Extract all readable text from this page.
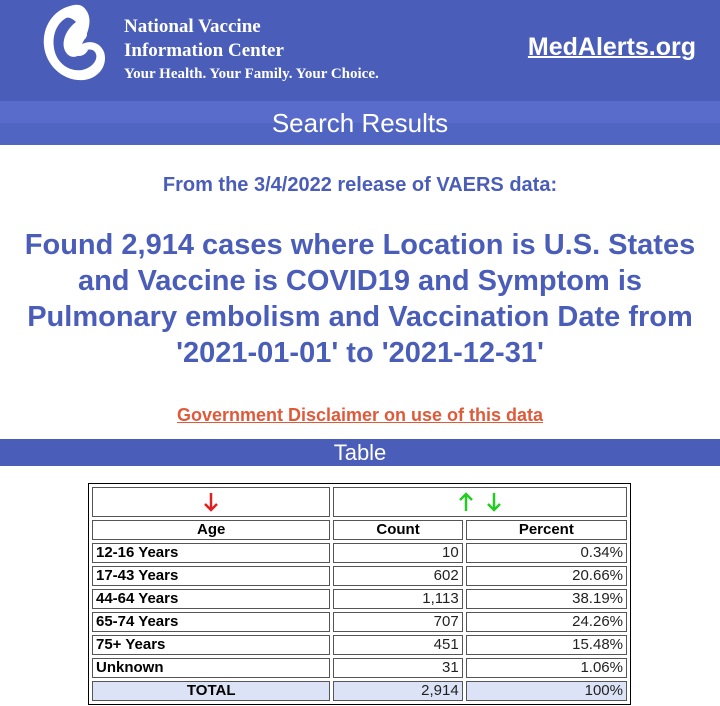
National Vaccine
Information Center
Your Health. Your Family. Your Choice.
MedAlerts.org
Search Results
From the 3/4/2022 release of VAERS data:
Found 2,914 cases where Location is U.S. States and Vaccine is COVID19 and Symptom is Pulmonary embolism and Vaccination Date from '2021-01-01' to '2021-12-31'
Government Disclaimer on use of this data
Table

Age	Count	Percent
12-16 Years	10	0.34%
17-43 Years	602	20.66%
44-64 Years	1,113	38.19%
65-74 Years	707	24.26%
75+ Years	451	15.48%
Unknown	31	1.06%
TOTAL	2,914	100%
